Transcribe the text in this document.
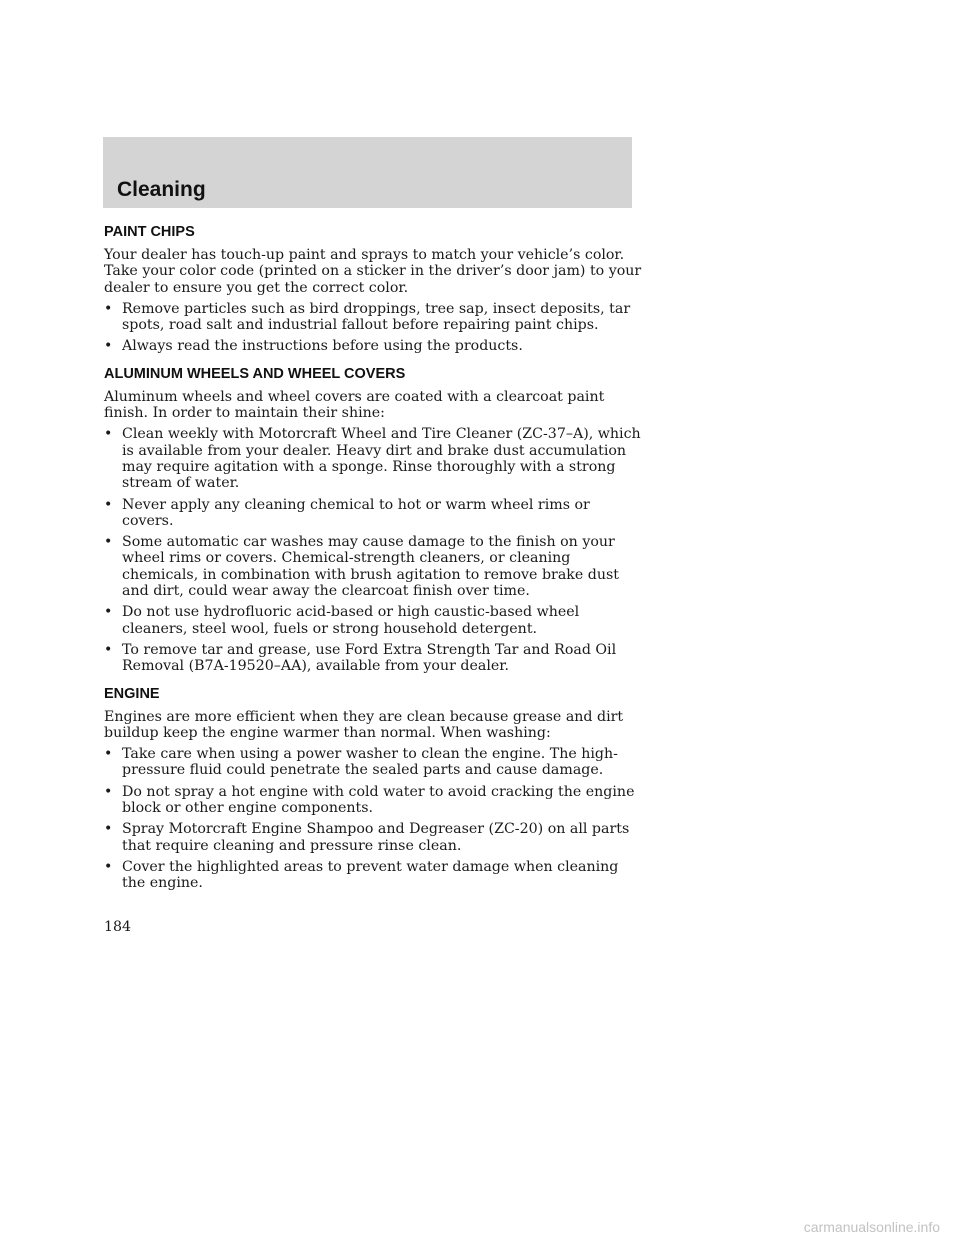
Cleaning
PAINT CHIPS

Your dealer has touch-up paint and sprays to match your vehicle’s color. Take your color code (printed on a sticker in the driver’s door jam) to your dealer to ensure you get the correct color.

• Remove particles such as bird droppings, tree sap, insect deposits, tar spots, road salt and industrial fallout before repairing paint chips.
• Always read the instructions before using the products.
ALUMINUM WHEELS AND WHEEL COVERS

Aluminum wheels and wheel covers are coated with a clearcoat paint finish. In order to maintain their shine:

• Clean weekly with Motorcraft Wheel and Tire Cleaner (ZC-37–A), which is available from your dealer. Heavy dirt and brake dust accumulation may require agitation with a sponge. Rinse thoroughly with a strong stream of water.
• Never apply any cleaning chemical to hot or warm wheel rims or covers.
• Some automatic car washes may cause damage to the finish on your wheel rims or covers. Chemical-strength cleaners, or cleaning chemicals, in combination with brush agitation to remove brake dust and dirt, could wear away the clearcoat finish over time.
• Do not use hydrofluoric acid-based or high caustic-based wheel cleaners, steel wool, fuels or strong household detergent.
• To remove tar and grease, use Ford Extra Strength Tar and Road Oil Removal (B7A-19520–AA), available from your dealer.
ENGINE

Engines are more efficient when they are clean because grease and dirt buildup keep the engine warmer than normal. When washing:

• Take care when using a power washer to clean the engine. The high-pressure fluid could penetrate the sealed parts and cause damage.
• Do not spray a hot engine with cold water to avoid cracking the engine block or other engine components.
• Spray Motorcraft Engine Shampoo and Degreaser (ZC-20) on all parts that require cleaning and pressure rinse clean.
• Cover the highlighted areas to prevent water damage when cleaning the engine.
184
carmanualsonline.info
